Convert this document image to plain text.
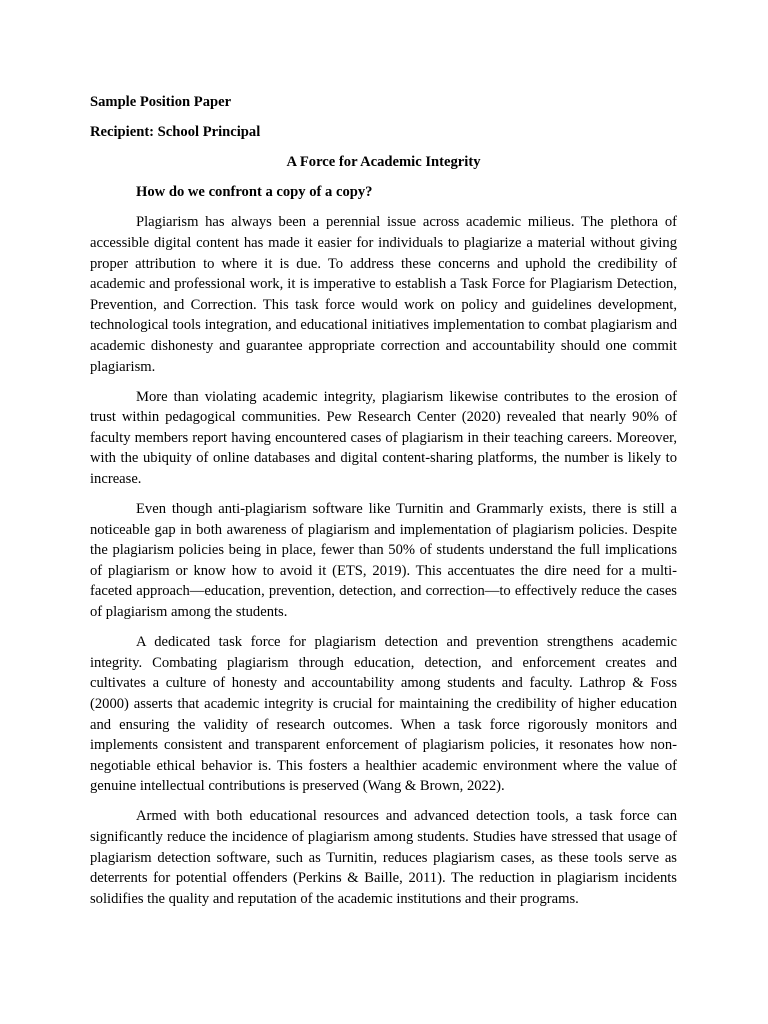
Sample Position Paper

Recipient: School Principal

A Force for Academic Integrity

How do we confront a copy of a copy?

Plagiarism has always been a perennial issue across academic milieus. The plethora of accessible digital content has made it easier for individuals to plagiarize a material without giving proper attribution to where it is due. To address these concerns and uphold the credibility of academic and professional work, it is imperative to establish a Task Force for Plagiarism Detection, Prevention, and Correction. This task force would work on policy and guidelines development, technological tools integration, and educational initiatives implementation to combat plagiarism and academic dishonesty and guarantee appropriate correction and accountability should one commit plagiarism.

More than violating academic integrity, plagiarism likewise contributes to the erosion of trust within pedagogical communities. Pew Research Center (2020) revealed that nearly 90% of faculty members report having encountered cases of plagiarism in their teaching careers. Moreover, with the ubiquity of online databases and digital content-sharing platforms, the number is likely to increase.

Even though anti-plagiarism software like Turnitin and Grammarly exists, there is still a noticeable gap in both awareness of plagiarism and implementation of plagiarism policies. Despite the plagiarism policies being in place, fewer than 50% of students understand the full implications of plagiarism or know how to avoid it (ETS, 2019). This accentuates the dire need for a multi-faceted approach—education, prevention, detection, and correction—to effectively reduce the cases of plagiarism among the students.

A dedicated task force for plagiarism detection and prevention strengthens academic integrity. Combating plagiarism through education, detection, and enforcement creates and cultivates a culture of honesty and accountability among students and faculty. Lathrop & Foss (2000) asserts that academic integrity is crucial for maintaining the credibility of higher education and ensuring the validity of research outcomes. When a task force rigorously monitors and implements consistent and transparent enforcement of plagiarism policies, it resonates how non-negotiable ethical behavior is. This fosters a healthier academic environment where the value of genuine intellectual contributions is preserved (Wang & Brown, 2022).

Armed with both educational resources and advanced detection tools, a task force can significantly reduce the incidence of plagiarism among students. Studies have stressed that usage of plagiarism detection software, such as Turnitin, reduces plagiarism cases, as these tools serve as deterrents for potential offenders (Perkins & Baille, 2011). The reduction in plagiarism incidents solidifies the quality and reputation of the academic institutions and their programs.
